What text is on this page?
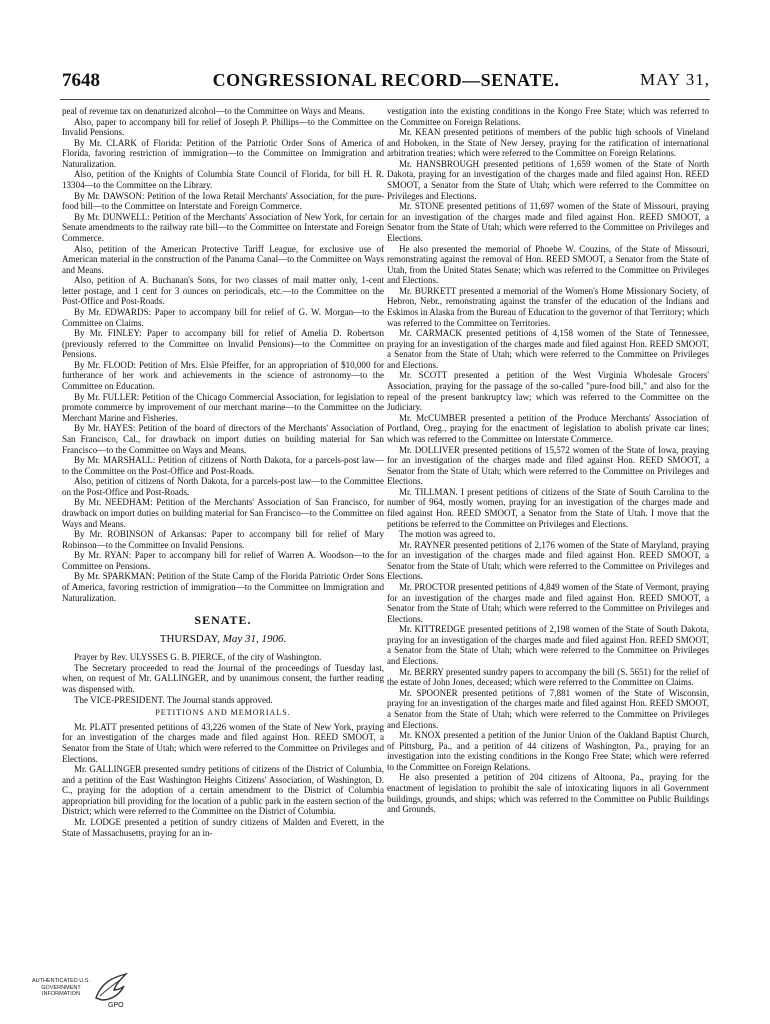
7648	CONGRESSIONAL RECORD—SENATE.	MAY 31,

peal of revenue tax on denaturized alcohol—to the Committee on Ways and Means.

Also, paper to accompany bill for relief of Joseph P. Phillips—to the Committee on Invalid Pensions.

By Mr. CLARK of Florida: Petition of the Patriotic Order Sons of America of Florida, favoring restriction of immigration—to the Committee on Immigration and Naturalization.

Also, petition of the Knights of Columbia State Council of Florida, for bill H. R. 13304—to the Committee on the Library.

By Mr. DAWSON: Petition of the Iowa Retail Merchants' Association, for the pure-food bill—to the Committee on Interstate and Foreign Commerce.

By Mr. DUNWELL: Petition of the Merchants' Association of New York, for certain Senate amendments to the railway rate bill—to the Committee on Interstate and Foreign Commerce.

Also, petition of the American Protective Tariff League, for exclusive use of American material in the construction of the Panama Canal—to the Committee on Ways and Means.

Also, petition of A. Buchanan's Sons, for two classes of mail matter only, 1-cent letter postage, and 1 cent for 3 ounces on periodicals, etc.—to the Committee on the Post-Office and Post-Roads.

By Mr. EDWARDS: Paper to accompany bill for relief of G. W. Morgan—to the Committee on Claims.

By Mr. FINLEY: Paper to accompany bill for relief of Amelia D. Robertson (previously referred to the Committee on Invalid Pensions)—to the Committee on Pensions.

By Mr. FLOOD: Petition of Mrs. Elsie Pfeiffer, for an appropriation of $10,000 for furtherance of her work and achievements in the science of astronomy—to the Committee on Education.

By Mr. FULLER: Petition of the Chicago Commercial Association, for legislation to promote commerce by improvement of our merchant marine—to the Committee on the Merchant Marine and Fisheries.

By Mr. HAYES: Petition of the board of directors of the Merchants' Association of San Francisco, Cal., for drawback on import duties on building material for San Francisco—to the Committee on Ways and Means.

By Mr. MARSHALL: Petition of citizens of North Dakota, for a parcels-post law—to the Committee on the Post-Office and Post-Roads.

Also, petition of citizens of North Dakota, for a parcels-post law—to the Committee on the Post-Office and Post-Roads.

By Mr. NEEDHAM: Petition of the Merchants' Association of San Francisco, for drawback on import duties on building material for San Francisco—to the Committee on Ways and Means.

By Mr. ROBINSON of Arkansas: Paper to accompany bill for relief of Mary Robinson—to the Committee on Invalid Pensions.

By Mr. RYAN: Paper to accompany bill for relief of Warren A. Woodson—to the Committee on Pensions.

By Mr. SPARKMAN: Petition of the State Camp of the Florida Patriotic Order Sons of America, favoring restriction of immigration—to the Committee on Immigration and Naturalization.

SENATE.

THURSDAY, May 31, 1906.

Prayer by Rev. ULYSSES G. B. PIERCE, of the city of Washington.

The Secretary proceeded to read the Journal of the proceedings of Tuesday last, when, on request of Mr. GALLINGER, and by unanimous consent, the further reading was dispensed with.

The VICE-PRESIDENT. The Journal stands approved.

PETITIONS AND MEMORIALS.

Mr. PLATT presented petitions of 43,226 women of the State of New York, praying for an investigation of the charges made and filed against Hon. REED SMOOT, a Senator from the State of Utah; which were referred to the Committee on Privileges and Elections.

Mr. GALLINGER presented sundry petitions of citizens of the District of Columbia, and a petition of the East Washington Heights Citizens' Association, of Washington, D. C., praying for the adoption of a certain amendment to the District of Columbia appropriation bill providing for the location of a public park in the eastern section of the District; which were referred to the Committee on the District of Columbia.

Mr. LODGE presented a petition of sundry citizens of Malden and Everett, in the State of Massachusetts, praying for an in-

vestigation into the existing conditions in the Kongo Free State; which was referred to the Committee on Foreign Relations.

Mr. KEAN presented petitions of members of the public high schools of Vineland and Hoboken, in the State of New Jersey, praying for the ratification of international arbitration treaties; which were referred to the Committee on Foreign Relations.

Mr. HANSBROUGH presented petitions of 1,659 women of the State of North Dakota, praying for an investigation of the charges made and filed against Hon. REED SMOOT, a Senator from the State of Utah; which were referred to the Committee on Privileges and Elections.

Mr. STONE presented petitions of 11,697 women of the State of Missouri, praying for an investigation of the charges made and filed against Hon. REED SMOOT, a Senator from the State of Utah; which were referred to the Committee on Privileges and Elections.

He also presented the memorial of Phoebe W. Couzins, of the State of Missouri, remonstrating against the removal of Hon. REED SMOOT, a Senator from the State of Utah, from the United States Senate; which was referred to the Committee on Privileges and Elections.

Mr. BURKETT presented a memorial of the Women's Home Missionary Society, of Hebron, Nebr., remonstrating against the transfer of the education of the Indians and Eskimos in Alaska from the Bureau of Education to the governor of that Territory; which was referred to the Committee on Territories.

Mr. CARMACK presented petitions of 4,158 women of the State of Tennessee, praying for an investigation of the charges made and filed against Hon. REED SMOOT, a Senator from the State of Utah; which were referred to the Committee on Privileges and Elections.

Mr. SCOTT presented a petition of the West Virginia Wholesale Grocers' Association, praying for the passage of the so-called "pure-food bill," and also for the repeal of the present bankruptcy law; which was referred to the Committee on the Judiciary.

Mr. McCUMBER presented a petition of the Produce Merchants' Association of Portland, Oreg., praying for the enactment of legislation to abolish private car lines; which was referred to the Committee on Interstate Commerce.

Mr. DOLLIVER presented petitions of 15,572 women of the State of Iowa, praying for an investigation of the charges made and filed against Hon. REED SMOOT, a Senator from the State of Utah; which were referred to the Committee on Privileges and Elections.

Mr. TILLMAN. I present petitions of citizens of the State of South Carolina to the number of 964, mostly women, praying for an investigation of the charges made and filed against Hon. REED SMOOT, a Senator from the State of Utah. I move that the petitions be referred to the Committee on Privileges and Elections.

The motion was agreed to.

Mr. RAYNER presented petitions of 2,176 women of the State of Maryland, praying for an investigation of the charges made and filed against Hon. REED SMOOT, a Senator from the State of Utah; which were referred to the Committee on Privileges and Elections.

Mr. PROCTOR presented petitions of 4,849 women of the State of Vermont, praying for an investigation of the charges made and filed against Hon. REED SMOOT, a Senator from the State of Utah; which were referred to the Committee on Privileges and Elections.

Mr. KITTREDGE presented petitions of 2,198 women of the State of South Dakota, praying for an investigation of the charges made and filed against Hon. REED SMOOT, a Senator from the State of Utah; which were referred to the Committee on Privileges and Elections.

Mr. BERRY presented sundry papers to accompany the bill (S. 5651) for the relief of the estate of John Jones, deceased; which were referred to the Committee on Claims.

Mr. SPOONER presented petitions of 7,881 women of the State of Wisconsin, praying for an investigation of the charges made and filed against Hon. REED SMOOT, a Senator from the State of Utah; which were referred to the Committee on Privileges and Elections.

Mr. KNOX presented a petition of the Junior Union of the Oakland Baptist Church, of Pittsburg, Pa., and a petition of 44 citizens of Washington, Pa., praying for an investigation into the existing conditions in the Kongo Free State; which were referred to the Committee on Foreign Relations.

He also presented a petition of 204 citizens of Altoona, Pa., praying for the enactment of legislation to prohibit the sale of intoxicating liquors in all Government buildings, grounds, and ships; which was referred to the Committee on Public Buildings and Grounds.

AUTHENTICATED U.S. GOVERNMENT INFORMATION
GPO
